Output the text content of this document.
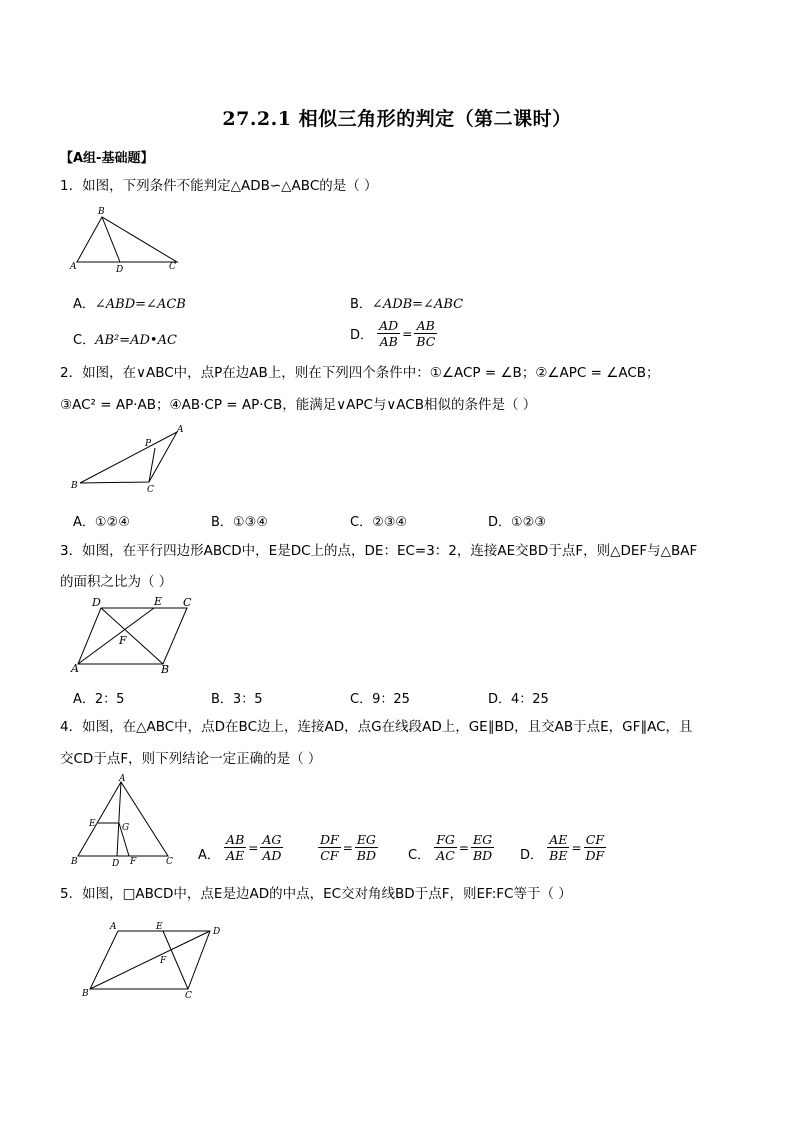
27.2.1 相似三角形的判定（第二课时）
【A组-基础题】
1．如图，下列条件不能判定△ADB∽△ABC的是（ ）
B
A	D	C
A．∠ABD=∠ACB	B．∠ADB=∠ABC
C．AB²=AD•AC	D． $\frac{AD}{AB} = \frac{AB}{BC}$
2．如图，在∨ABC中，点P在边AB上，则在下列四个条件中：①∠ACP = ∠B；②∠APC = ∠ACB；
③AC² = AP·AB；④AB·CP = AP·CB，能满足∨APC与∨ACB相似的条件是（ ）
A
P
B	C
A．①②④	B．①③④	C．②③④	D．①②③
3．如图，在平行四边形ABCD中，E是DC上的点，DE：EC=3：2，连接AE交BD于点F，则△DEF与△BAF
的面积之比为（ ）
D	E C
F
A	B
A．2：5	B．3：5	C．9：25	D．4：25
4．如图，在△ABC中，点D在BC边上，连接AD，点G在线段AD上，GE∥BD，且交AB于点E，GF∥AC，且
交CD于点F，则下列结论一定正确的是（ ）
A
E	G
B	D F	C A． $\frac{AB}{AE} = \frac{AG}{AD}$	$\frac{DF}{CF} = \frac{EG}{BD}$ C． $\frac{FG}{AC} = \frac{EG}{BD}$ D． $\frac{AE}{BE} = \frac{CF}{DF}$
5．如图，□ABCD中，点E是边AD的中点，EC交对角线BD于点F，则EF:FC等于（ ）
A	E	D
F
B	C
